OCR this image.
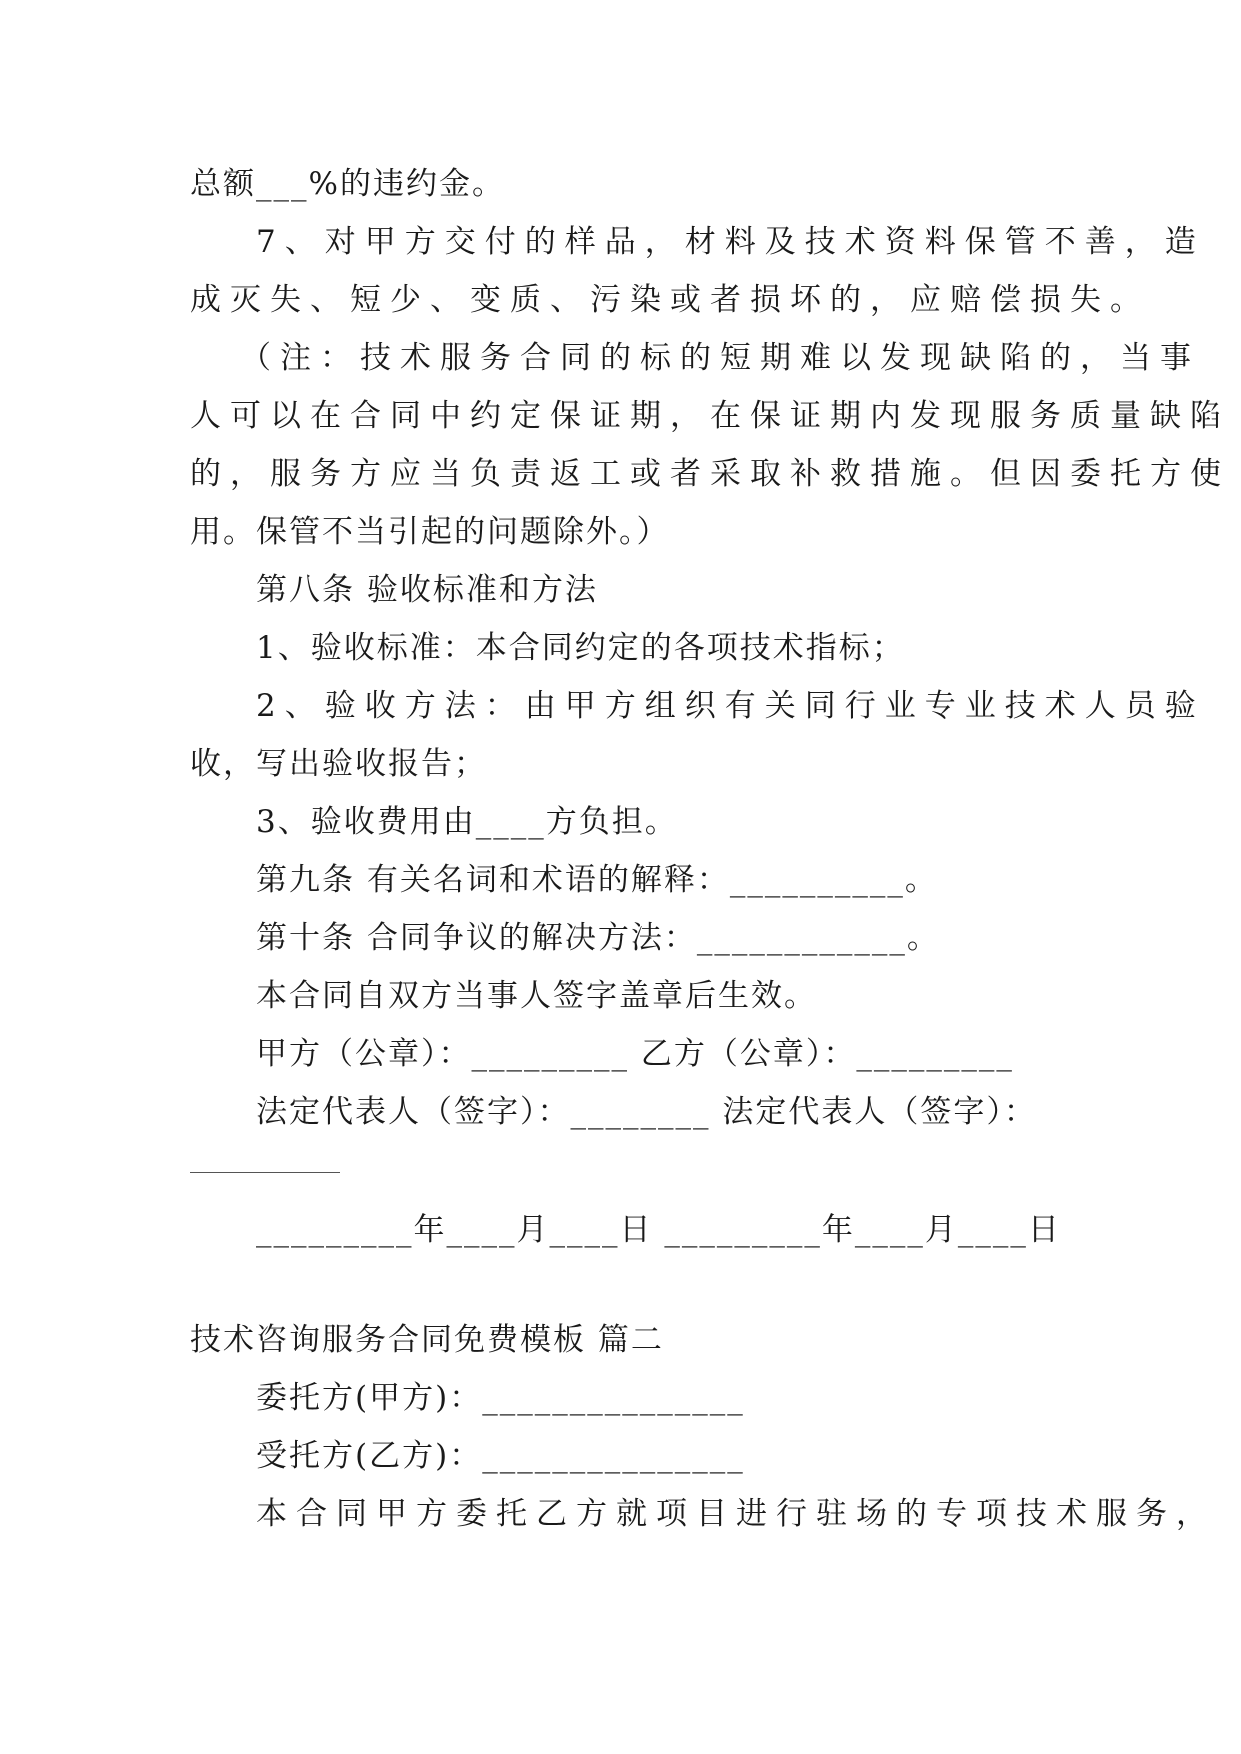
总额___%的违约金。
7、对甲方交付的样品，材料及技术资料保管不善，造
成灭失、短少、变质、污染或者损坏的，应赔偿损失。
（注：技术服务合同的标的短期难以发现缺陷的，当事
人可以在合同中约定保证期，在保证期内发现服务质量缺陷
的，服务方应当负责返工或者采取补救措施。但因委托方使
用。保管不当引起的问题除外。）
第八条 验收标准和方法
1、验收标准：本合同约定的各项技术指标；
2、验收方法：由甲方组织有关同行业专业技术人员验
收，写出验收报告；
3、验收费用由____方负担。
第九条 有关名词和术语的解释：__________。
第十条 合同争议的解决方法：____________。
本合同自双方当事人签字盖章后生效。
甲方（公章）：_________ 乙方（公章）：_________
法定代表人（签字）：________ 法定代表人（签字）：
_________年____月____日 _________年____月____日
技术咨询服务合同免费模板 篇二
委托方(甲方)：_______________
受托方(乙方)：_______________
本合同甲方委托乙方就项目进行驻场的专项技术服务，
